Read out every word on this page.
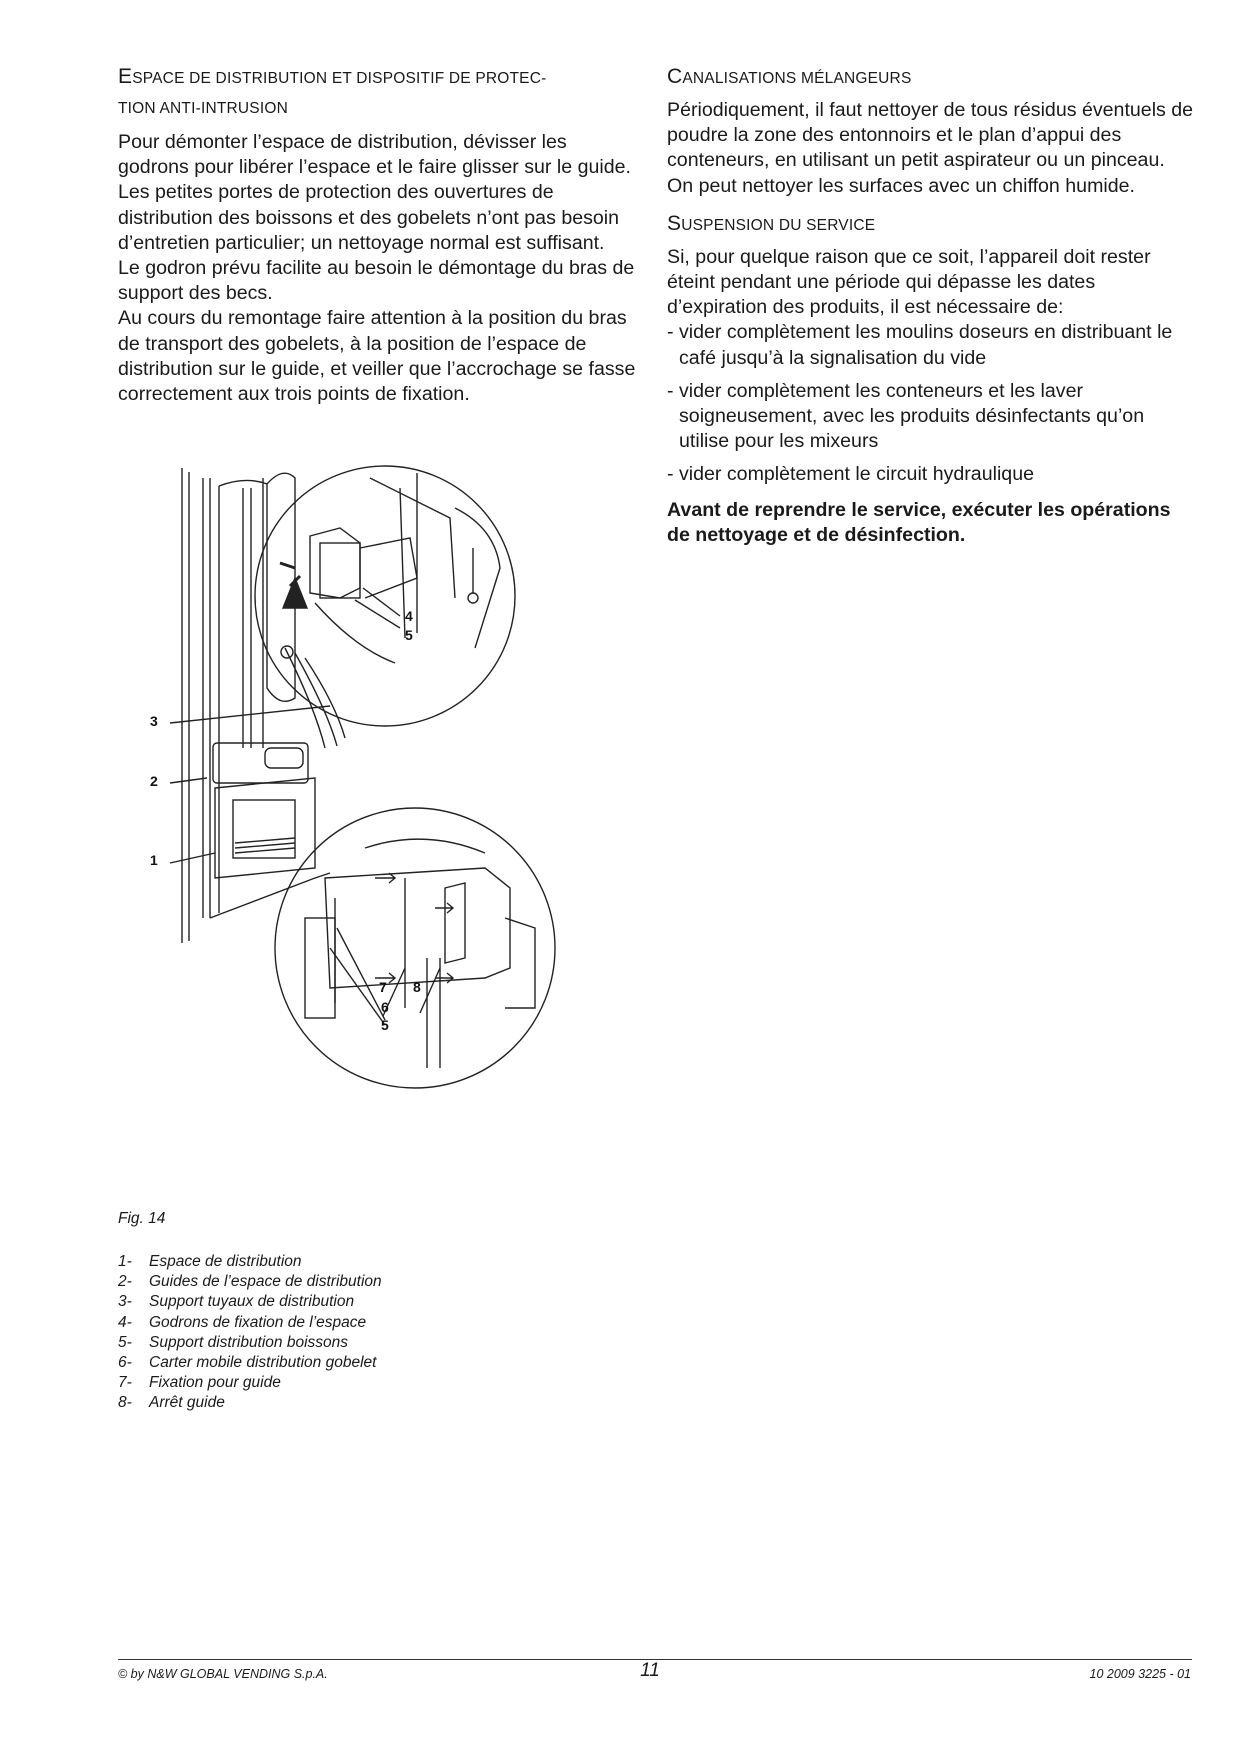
ESPACE DE DISTRIBUTION ET DISPOSITIF DE PROTEC-
TION ANTI-INTRUSION

Pour démonter l’espace de distribution, dévisser les godrons pour libérer l’espace et le faire glisser sur le guide. Les petites portes de protection des ouvertures de distribution des boissons et des gobelets n’ont pas besoin d’entretien particulier; un nettoyage normal est suffisant.

Le godron prévu facilite au besoin le démontage du bras de support des becs.

Au cours du remontage faire attention à la position du bras de transport des gobelets, à la position de l’espace de distribution sur le guide, et veiller que l’accrochage se fasse correctement aux trois points de fixation.

CANALISATIONS MÉLANGEURS

Périodiquement, il faut nettoyer de tous résidus éventuels de poudre la zone des entonnoirs et le plan d’appui des conteneurs, en utilisant un petit aspirateur ou un pinceau.

On peut nettoyer les surfaces avec un chiffon humide.

SUSPENSION DU SERVICE

Si, pour quelque raison que ce soit, l’appareil doit rester éteint pendant une période qui dépasse les dates d’expiration des produits, il est nécessaire de:

- vider complètement les moulins doseurs en distribuant le café jusqu’à la signalisation du vide
- vider complètement les conteneurs et les laver soigneusement, avec les produits désinfectants qu’on utilise pour les mixeurs
- vider complètement le circuit hydraulique

Avant de reprendre le service, exécuter les opérations de nettoyage et de désinfection.

1
2
3
4
5
7 8
6
5
Fig. 14
1- Espace de distribution
2- Guides de l’espace de distribution
3- Support tuyaux de distribution
4- Godrons de fixation de l’espace
5- Support distribution boissons
6- Carter mobile distribution gobelet
7- Fixation pour guide
8- Arrêt guide
© by N&W GLOBAL VENDING S.p.A.	11	10 2009 3225 - 01
